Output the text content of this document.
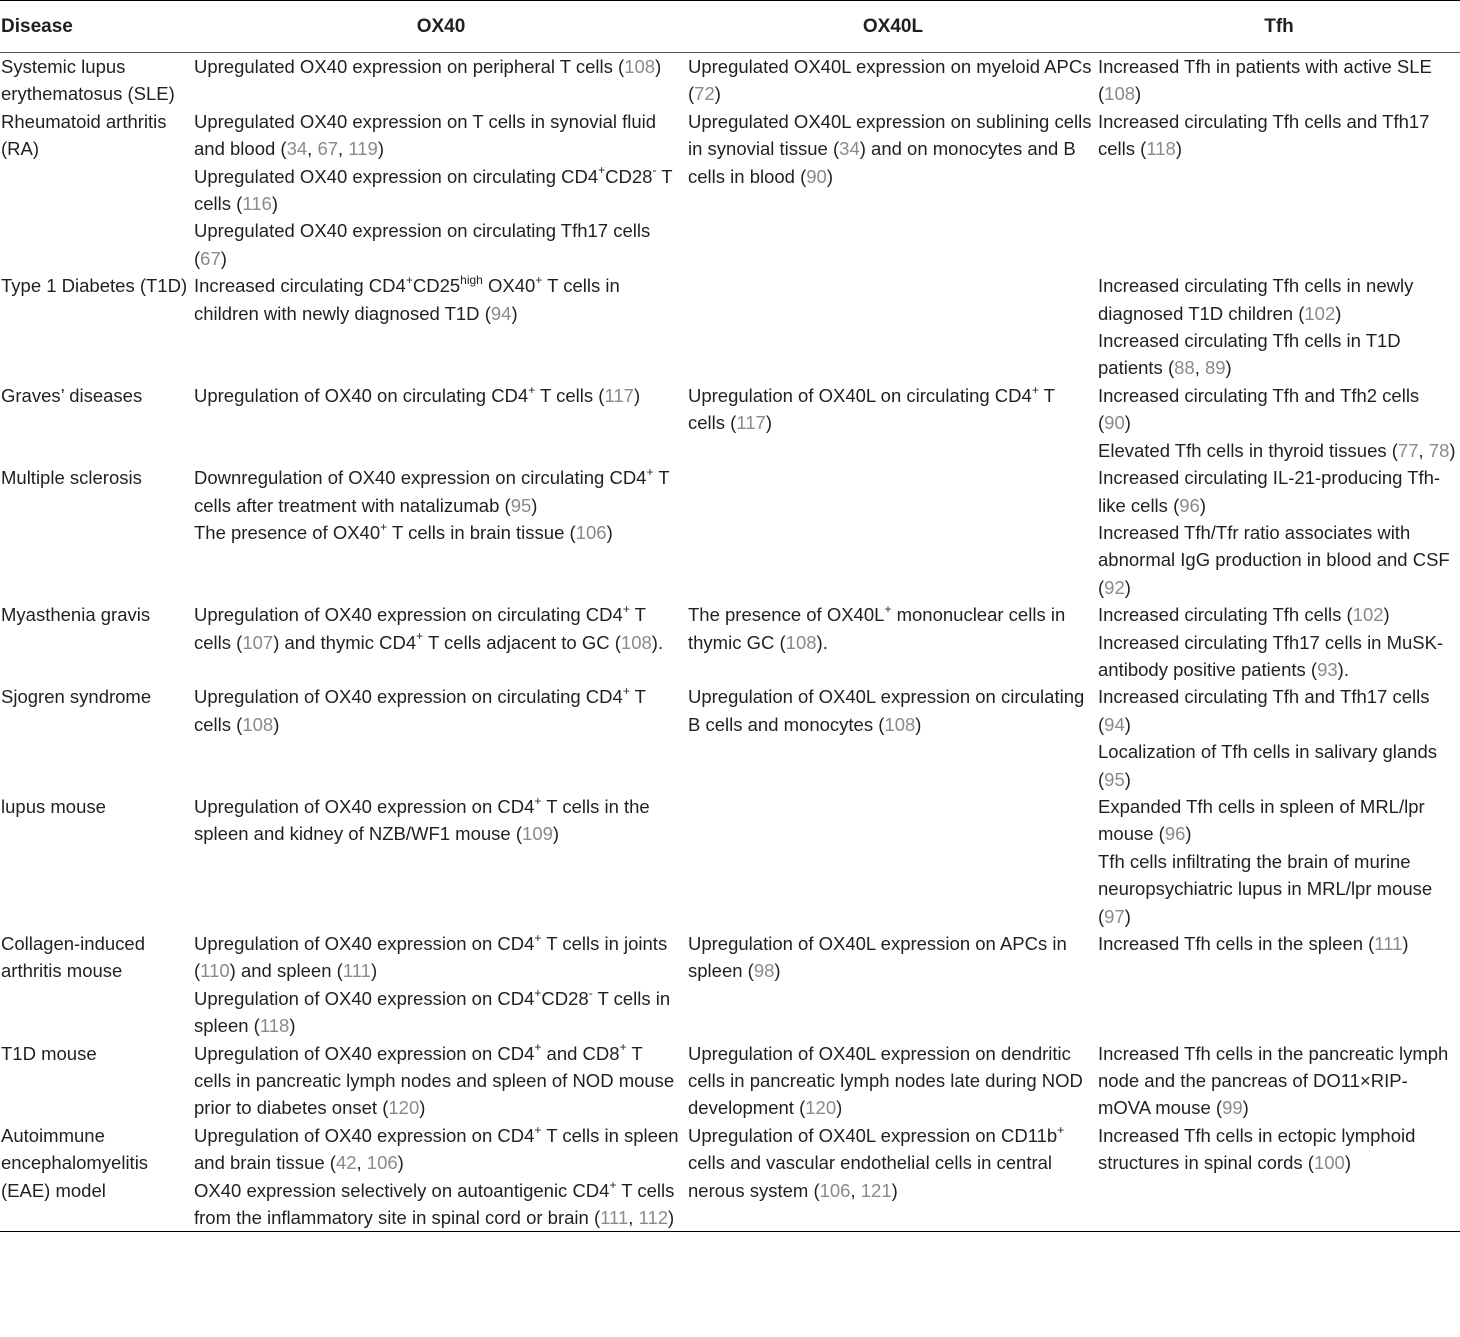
Disease	OX40	OX40L	Tfh
Systemic lupus erythematosus (SLE)	Upregulated OX40 expression on peripheral T cells (108)	Upregulated OX40L expression on myeloid APCs (72)	Increased Tfh in patients with active SLE (108)

Rheumatoid arthritis (RA)	Upregulated OX40 expression on T cells in synovial fluid and blood (34, 67, 119)
Upregulated OX40 expression on circulating CD4+CD28- T cells (116)
Upregulated OX40 expression on circulating Tfh17 cells (67)	Upregulated OX40L expression on sublining cells in synovial tissue (34) and on monocytes and B cells in blood (90)	Increased circulating Tfh cells and Tfh17 cells (118)

Type 1 Diabetes (T1D)	Increased circulating $CD4^+CD25^{high}$ OX40+ T cells in children with newly diagnosed T1D (94)		Increased circulating Tfh cells in newly diagnosed T1D children (102)
Increased circulating Tfh cells in T1D patients (88, 89)

Graves’ diseases	Upregulation of OX40 on circulating CD4+ T cells (117)	Upregulation of OX40L on circulating CD4+ T cells (117)	Increased circulating Tfh and Tfh2 cells (90)
Elevated Tfh cells in thyroid tissues (77, 78)

Multiple sclerosis	Downregulation of OX40 expression on circulating CD4+ T cells after treatment with natalizumab (95)
The presence of OX40+ T cells in brain tissue (106)		Increased circulating IL-21-producing Tfh-like cells (96)
Increased Tfh/Tfr ratio associates with abnormal IgG production in blood and CSF (92)

Myasthenia gravis	Upregulation of OX40 expression on circulating CD4+ T cells (107) and thymic CD4+ T cells adjacent to GC (108).	The presence of OX40L+ mononuclear cells in thymic GC (108).	Increased circulating Tfh cells (102)
Increased circulating Tfh17 cells in MuSK-antibody positive patients (93).

Sjogren syndrome	Upregulation of OX40 expression on circulating CD4+ T cells (108)	Upregulation of OX40L expression on circulating B cells and monocytes (108)	Increased circulating Tfh and Tfh17 cells (94)
Localization of Tfh cells in salivary glands (95)

lupus mouse	Upregulation of OX40 expression on CD4+ T cells in the spleen and kidney of NZB/WF1 mouse (109)		Expanded Tfh cells in spleen of MRL/lpr mouse (96)
Tfh cells infiltrating the brain of murine neuropsychiatric lupus in MRL/lpr mouse (97)

Collagen-induced arthritis mouse	Upregulation of OX40 expression on CD4+ T cells in joints (110) and spleen (111)
Upregulation of OX40 expression on CD4+CD28- T cells in spleen (118)	Upregulation of OX40L expression on APCs in spleen (98)	Increased Tfh cells in the spleen (111)

T1D mouse	Upregulation of OX40 expression on CD4+ and CD8+ T cells in pancreatic lymph nodes and spleen of NOD mouse prior to diabetes onset (120)	Upregulation of OX40L expression on dendritic cells in pancreatic lymph nodes late during NOD development (120)	Increased Tfh cells in the pancreatic lymph node and the pancreas of DO11×RIP-mOVA mouse (99)

Autoimmune encephalomyelitis (EAE) model	Upregulation of OX40 expression on CD4+ T cells in spleen and brain tissue (42, 106)
OX40 expression selectively on autoantigenic CD4+ T cells from the inflammatory site in spinal cord or brain (111, 112)	Upregulation of OX40L expression on CD11b+ cells and vascular endothelial cells in central nerous system (106, 121)	Increased Tfh cells in ectopic lymphoid structures in spinal cords (100)
